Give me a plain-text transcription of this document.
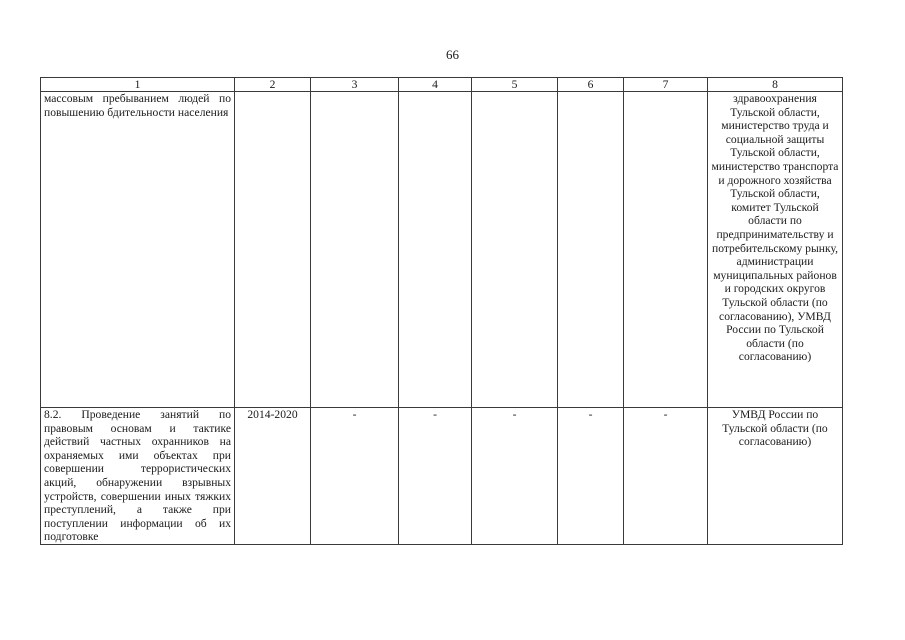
66
1	2	3	4	5	6	7	8
массовым пребыванием людей по повышению бдительности населения							здравоохранения Тульской области, министерство труда и социальной защиты Тульской области, министерство транспорта и дорожного хозяйства Тульской области, комитет Тульской области по предпринимательству и потребительскому рынку, администрации муниципальных районов и городских округов Тульской области (по согласованию), УМВД России по Тульской области (по согласованию)
8.2. Проведение занятий по правовым основам и тактике действий частных охранников на охраняемых ими объектах при совершении террористических акций, обнаружении взрывных устройств, совершении иных тяжких преступлений, а также при поступлении информации об их подготовке	2014-2020	-	-	-	-	-	УМВД России по Тульской области (по согласованию)
